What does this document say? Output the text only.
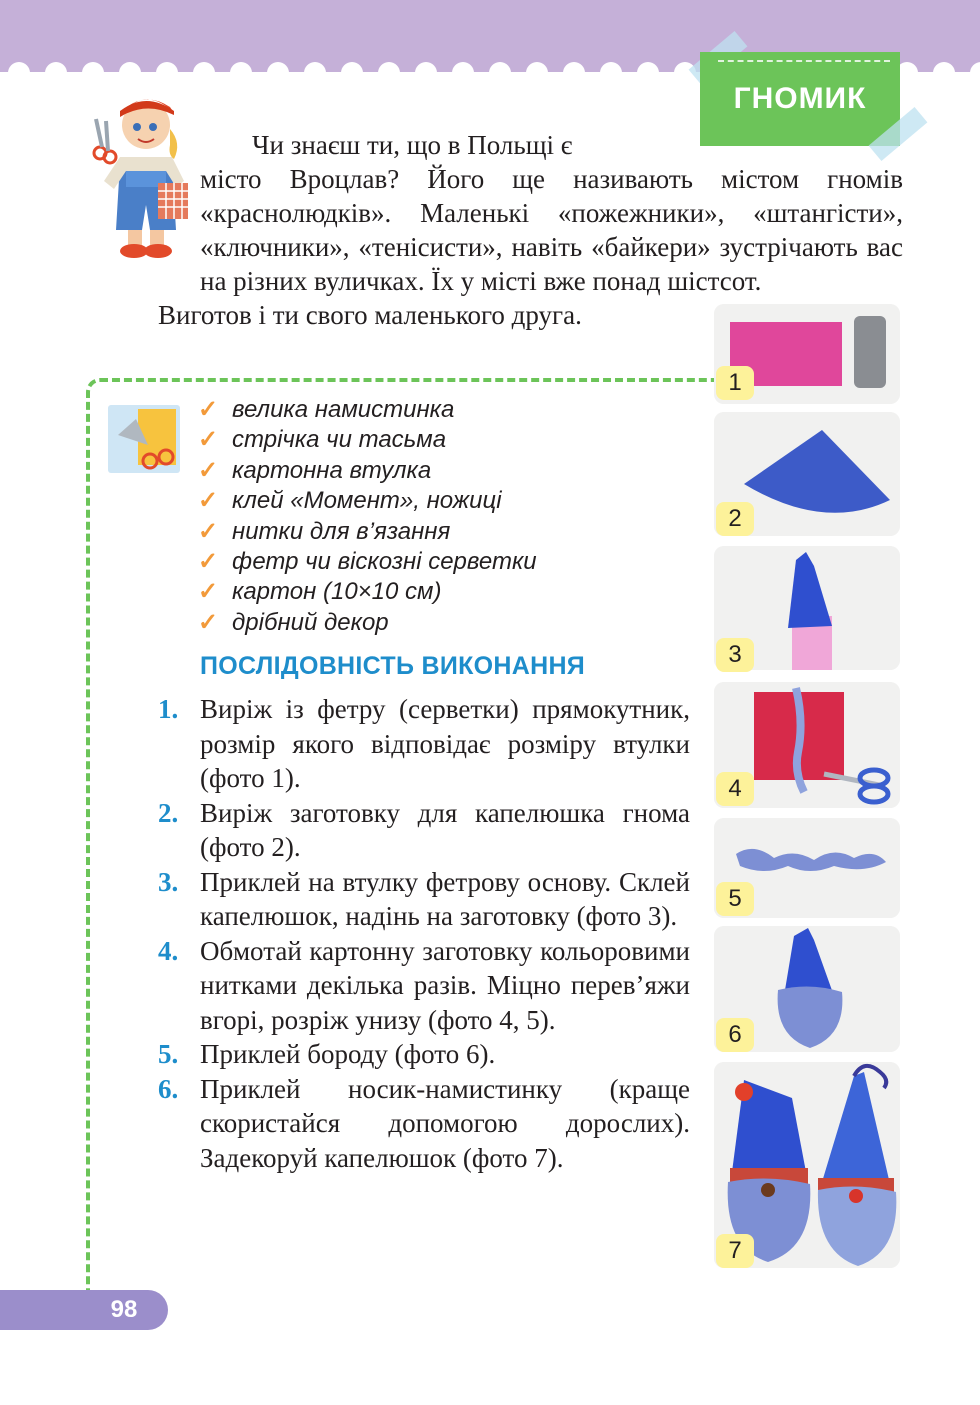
ГНОМИК

Чи знаєш ти, що в Польщі є

місто Вроцлав? Його ще називають містом гномів «краснолюдків». Маленькі «пожежники», «штангісти», «ключники», «тенісисти», навіть «байкери» зустрічають вас на різних вуличках. Їх у місті вже понад шістсот.

Виготов і ти свого маленького друга.

✓ велика намистинка
✓ стрічка чи тасьма
✓ картонна втулка
✓ клей «Момент», ножиці
✓ нитки для в’язання
✓ фетр чи віскозні серветки
✓ картон (10×10 см)
✓ дрібний декор
ПОСЛІДОВНІСТЬ ВИКОНАННЯ
1. Виріж із фетру (серветки) прямокутник, розмір якого відповідає розміру втулки (фото 1).
2. Виріж заготовку для капелюшка гнома (фото 2).
3. Приклей на втулку фетрову основу. Склей капелюшок, надінь на заготовку (фото 3).
4. Обмотай картонну заготовку кольоровими нитками декілька разів. Міцно перев’яжи вгорі, розріж унизу (фото 4, 5).
5. Приклей бороду (фото 6).
6. Приклей носик-намистинку (краще скористайся допомогою дорослих). Задекоруй капелюшок (фото 7).
1
2
3
4
5
6
7
98
